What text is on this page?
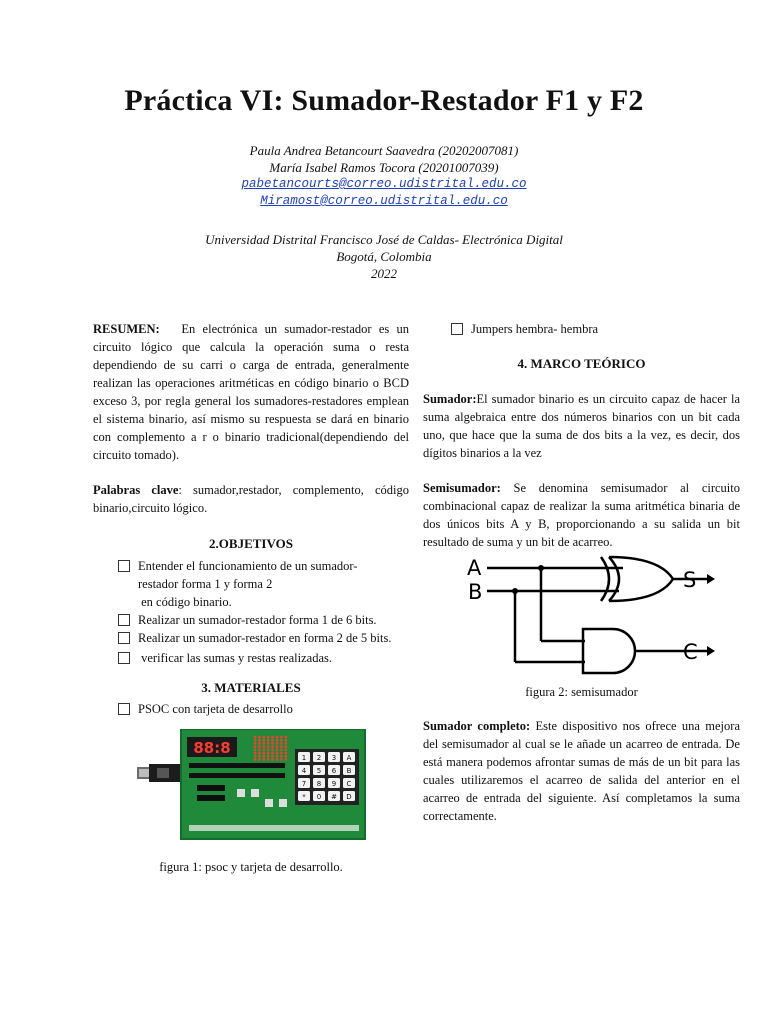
Práctica VI: Sumador-Restador F1 y F2
Paula Andrea Betancourt Saavedra (20202007081)
María Isabel Ramos Tocora (20201007039)
pabetancourts@correo.udistrital.edu.co
Miramost@correo.udistrital.edu.co
Universidad Distrital Francisco José de Caldas- Electrónica Digital
Bogotá, Colombia
2022

RESUMEN: En electrónica un sumador-restador es un circuito lógico que calcula la operación suma o resta dependiendo de su carri o carga de entrada, generalmente realizan las operaciones aritméticas en código binario o BCD exceso 3, por regla general los sumadores-restadores emplean el sistema binario, así mismo su respuesta se dará en binario con complemento a r o binario tradicional(dependiendo del circuito tomado).

Palabras clave: sumador,restador, complemento, código binario,circuito lógico.

2.OBJETIVOS

Entender el funcionamiento de un sumador-restador forma 1 y forma 2
en código binario.
Realizar un sumador-restador forma 1 de 6 bits.
Realizar un sumador-restador en forma 2 de 5 bits.
verificar las sumas y restas realizadas.

3. MATERIALES

PSOC con tarjeta de desarrollo
88:8
1 2 3 A
4 5 6 B
7 8 9 C
* 0 # D

figura 1: psoc y tarjeta de desarrollo.

Jumpers hembra- hembra

4. MARCO TEÓRICO

Sumador:El sumador binario es un circuito capaz de hacer la suma algebraica entre dos números binarios con un bit cada uno, que hace que la suma de dos bits a la vez, es decir, dos dígitos binarios a la vez

Semisumador: Se denomina semisumador al circuito combinacional capaz de realizar la suma aritmética binaria de dos únicos bits A y B, proporcionando a su salida un bit resultado de suma y un bit de acarreo.

A
B	S
C

figura 2: semisumador

Sumador completo: Este dispositivo nos ofrece una mejora del semisumador al cual se le añade un acarreo de entrada. De está manera podemos afrontar sumas de más de un bit para las cuales utilizaremos el acarreo de salida del anterior en el acarreo de entrada del siguiente. Así completamos la suma correctamente.
